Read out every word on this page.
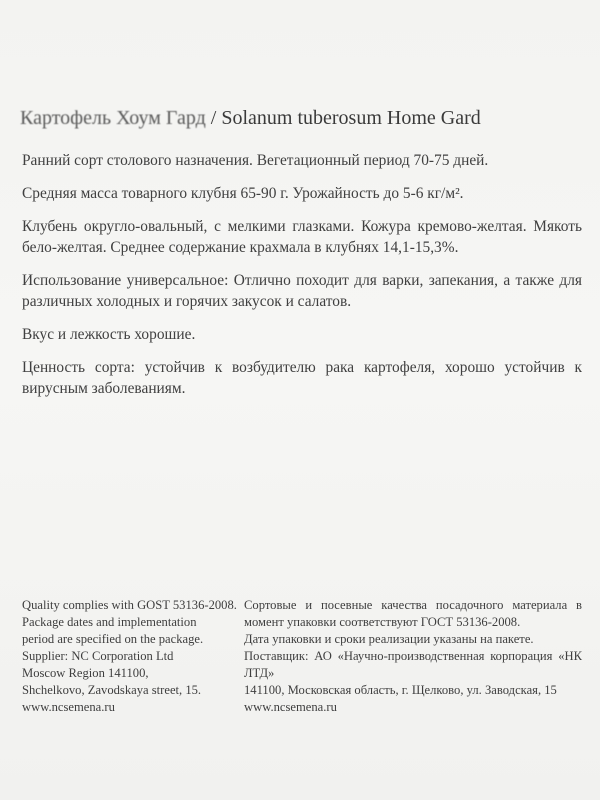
Картофель Хоум Гард / Solanum tuberosum Home Gard

Ранний сорт столового назначения. Вегетационный период 70-75 дней.

Средняя масса товарного клубня 65-90 г. Урожайность до 5-6 кг/м².

Клубень округло-овальный, с мелкими глазками. Кожура кремово-желтая. Мякоть бело-желтая. Среднее содержание крахмала в клубнях 14,1-15,3%.

Использование универсальное: Отлично походит для варки, запекания, а также для различных холодных и горячих закусок и салатов.

Вкус и лежкость хорошие.

Ценность сорта: устойчив к возбудителю рака картофеля, хорошо устойчив к вирусным заболеваниям.

Quality complies with GOST 53136-2008.

Package dates and implementation

period are specified on the package.

Supplier: NC Corporation Ltd

Moscow Region 141100,

Shchelkovo, Zavodskaya street, 15.

www.ncsemena.ru

Сортовые и посевные качества посадочного материала в момент упаковки соответствуют ГОСТ 53136-2008.

Дата упаковки и сроки реализации указаны на пакете.

Поставщик: АО «Научно-производственная корпорация «НК ЛТД»

141100, Московская область, г. Щелково, ул. Заводская, 15

www.ncsemena.ru
